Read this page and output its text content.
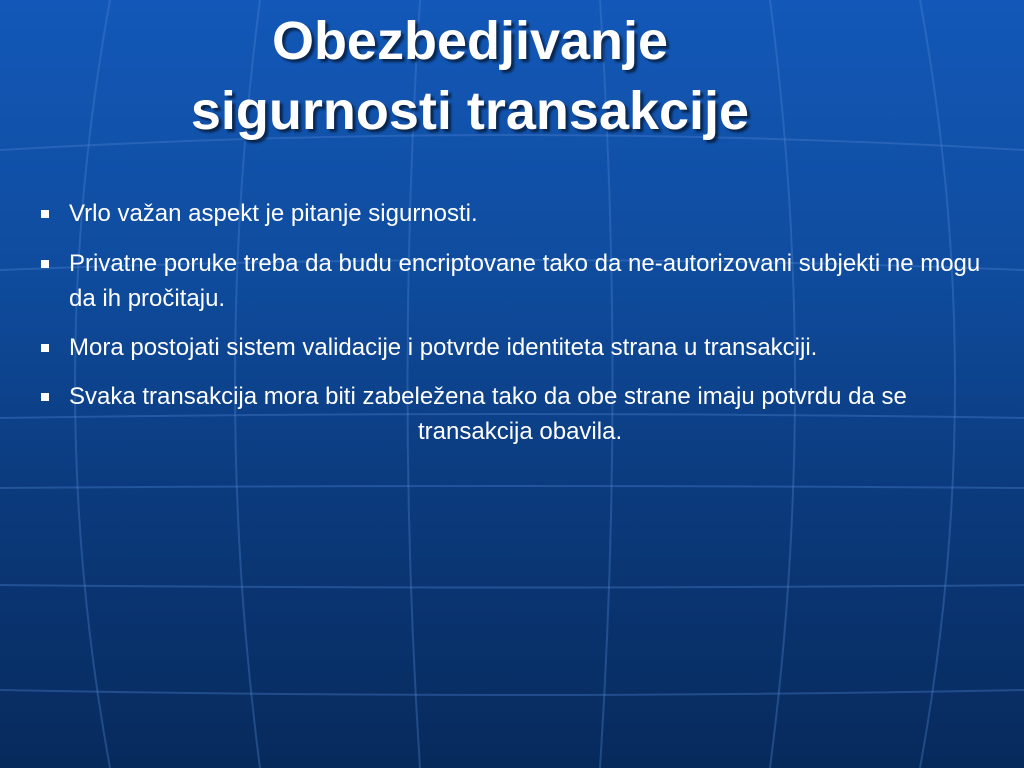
Obezbedjivanje
sigurnosti transakcije
Vrlo važan aspekt je pitanje sigurnosti.
Privatne poruke treba da budu encriptovane tako da ne-autorizovani subjekti ne mogu da ih pročitaju.
Mora postojati sistem validacije i potvrde identiteta strana u transakciji.
Svaka transakcija mora biti zabeležena tako da obe strane imaju potvrdu da setransakcija obavila.
